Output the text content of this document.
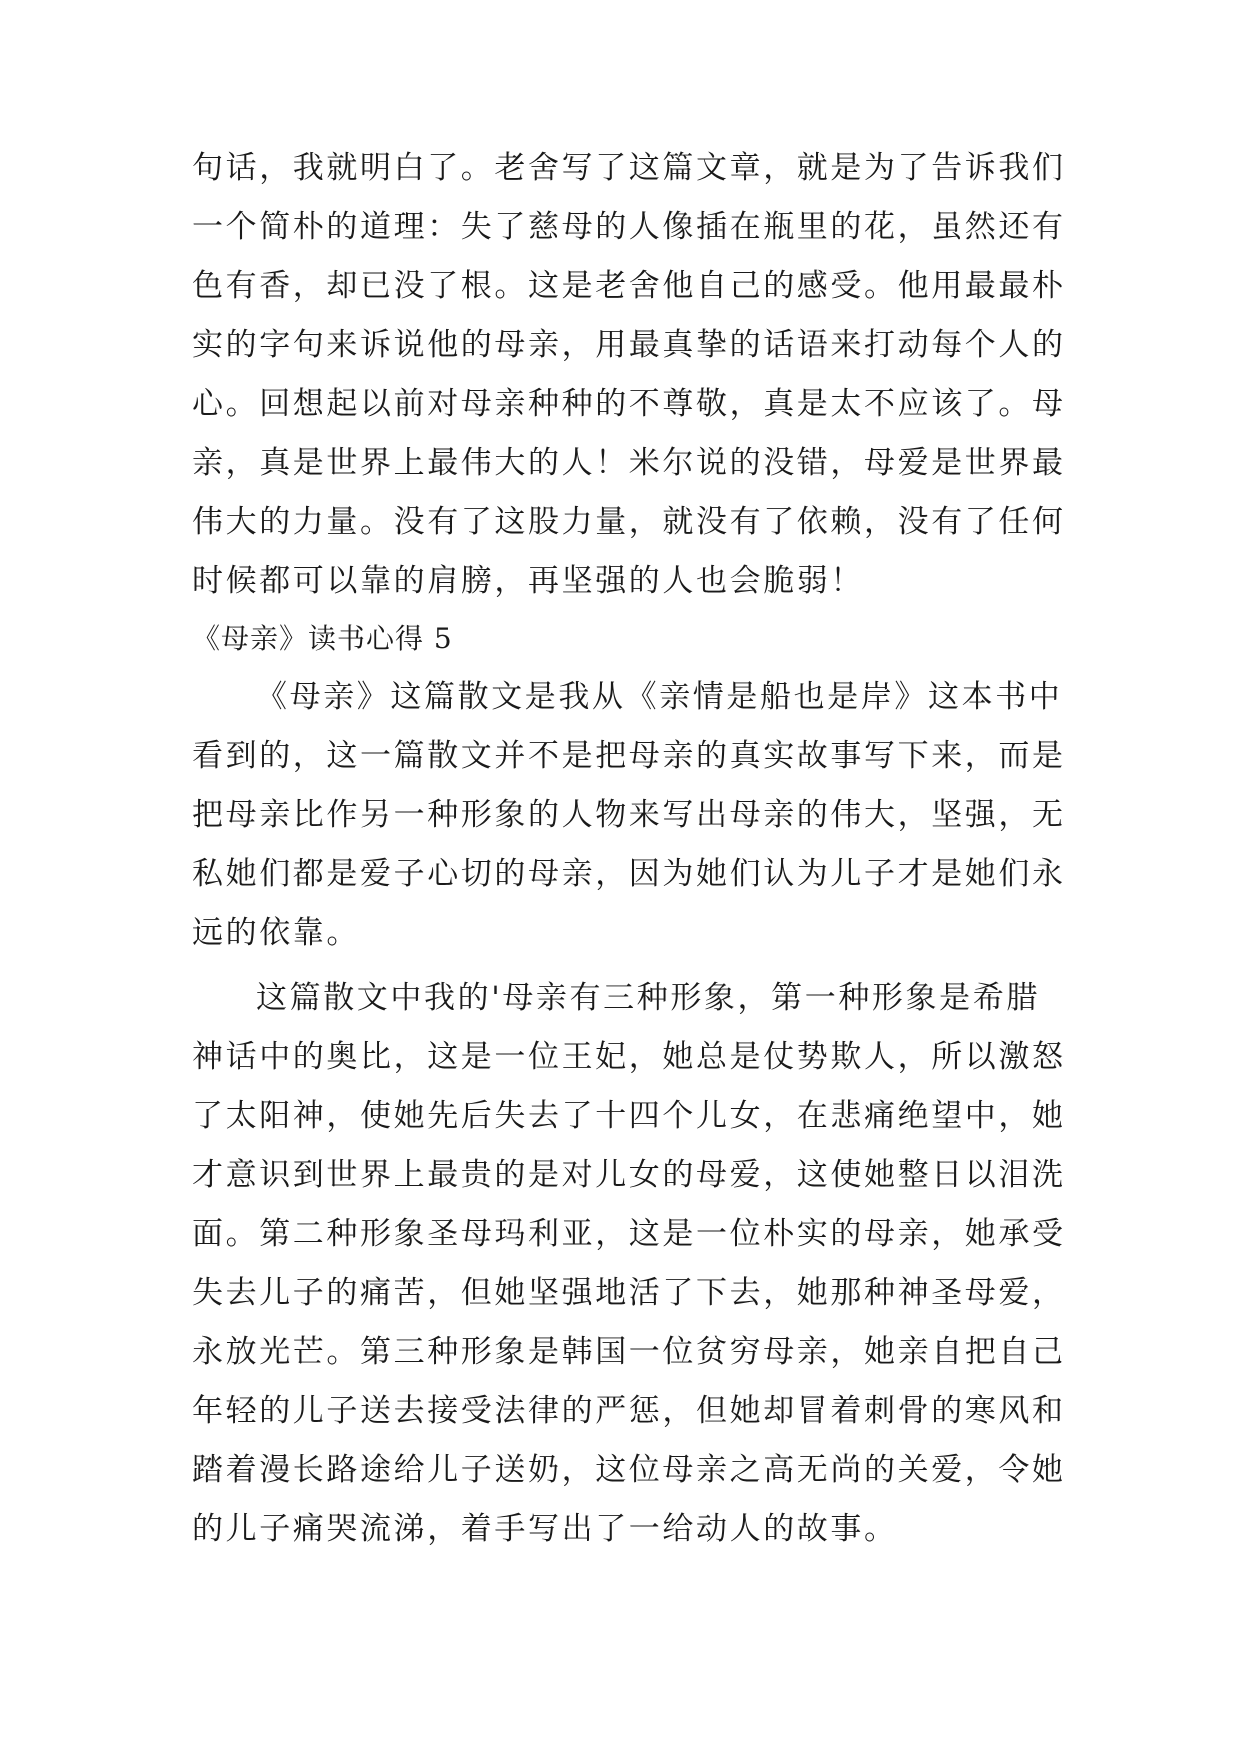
句话，我就明白了。老舍写了这篇文章，就是为了告诉我们
一个简朴的道理：失了慈母的人像插在瓶里的花，虽然还有
色有香，却已没了根。这是老舍他自己的感受。他用最最朴
实的字句来诉说他的母亲，用最真挚的话语来打动每个人的
心。回想起以前对母亲种种的不尊敬，真是太不应该了。母
亲，真是世界上最伟大的人！米尔说的没错，母爱是世界最
伟大的力量。没有了这股力量，就没有了依赖，没有了任何
时候都可以靠的肩膀，再坚强的人也会脆弱！
《母亲》读书心得 5
《母亲》这篇散文是我从《亲情是船也是岸》这本书中
看到的，这一篇散文并不是把母亲的真实故事写下来，而是
把母亲比作另一种形象的人物来写出母亲的伟大，坚强，无
私她们都是爱子心切的母亲，因为她们认为儿子才是她们永
远的依靠。
这篇散文中我的'母亲有三种形象，第一种形象是希腊
神话中的奥比，这是一位王妃，她总是仗势欺人，所以激怒
了太阳神，使她先后失去了十四个儿女，在悲痛绝望中，她
才意识到世界上最贵的是对儿女的母爱，这使她整日以泪洗
面。第二种形象圣母玛利亚，这是一位朴实的母亲，她承受
失去儿子的痛苦，但她坚强地活了下去，她那种神圣母爱，
永放光芒。第三种形象是韩国一位贫穷母亲，她亲自把自己
年轻的儿子送去接受法律的严惩，但她却冒着刺骨的寒风和
踏着漫长路途给儿子送奶，这位母亲之高无尚的关爱，令她
的儿子痛哭流涕，着手写出了一给动人的故事。
